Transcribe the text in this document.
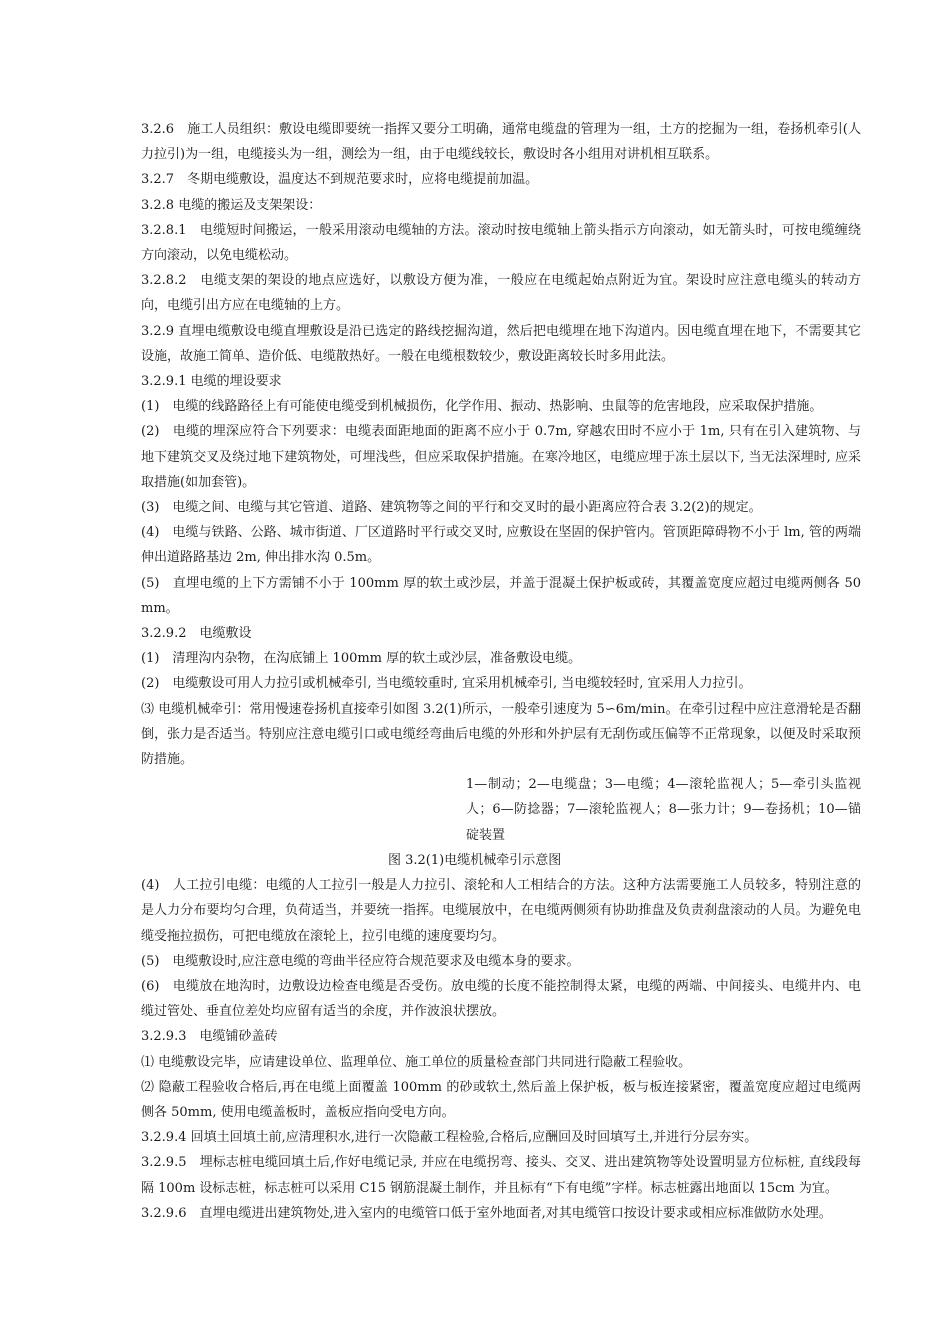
3.2.6　施工人员组织：敷设电缆即要统一指挥又要分工明确，通常电缆盘的管理为一组，土方的挖掘为一组，卷扬机牵引(人力拉引)为一组，电缆接头为一组，测绘为一组，由于电缆线较长，敷设时各小组用对讲机相互联系。

3.2.7　冬期电缆敷设，温度达不到规范要求时，应将电缆提前加温。

3.2.8 电缆的搬运及支架架设：

3.2.8.1　电缆短时间搬运，一般采用滚动电缆轴的方法。滚动时按电缆轴上箭头指示方向滚动，如无箭头时，可按电缆缠绕方向滚动，以免电缆松动。

3.2.8.2　电缆支架的架设的地点应选好，以敷设方便为准，一般应在电缆起始点附近为宜。架设时应注意电缆头的转动方向，电缆引出方应在电缆轴的上方。

3.2.9 直埋电缆敷设电缆直埋敷设是沿已选定的路线挖掘沟道，然后把电缆埋在地下沟道内。因电缆直埋在地下，不需要其它设施，故施工简单、造价低、电缆散热好。一般在电缆根数较少，敷设距离较长时多用此法。

3.2.9.1 电缆的埋设要求

(1)　电缆的线路路径上有可能使电缆受到机械损伤，化学作用、振动、热影响、虫鼠等的危害地段，应采取保护措施。

(2)　电缆的埋深应符合下列要求：电缆表面距地面的距离不应小于 0.7m, 穿越农田时不应小于 1m, 只有在引入建筑物、与地下建筑交叉及绕过地下建筑物处，可埋浅些，但应采取保护措施。在寒冷地区，电缆应埋于冻土层以下, 当无法深埋时, 应采取措施(如加套管)。

(3)　电缆之间、电缆与其它管道、道路、建筑物等之间的平行和交叉时的最小距离应符合表 3.2(2)的规定。

(4)　电缆与铁路、公路、城市街道、厂区道路时平行或交叉时, 应敷设在坚固的保护管内。管顶距障碍物不小于 lm, 管的两端伸出道路路基边 2m, 伸出排水沟 0.5m。

(5)　直埋电缆的上下方需铺不小于 100mm 厚的软土或沙层，并盖于混凝土保护板或砖，其覆盖宽度应超过电缆两侧各 50mm。

3.2.9.2　电缆敷设

(1)　清理沟内杂物，在沟底铺上 100mm 厚的软土或沙层，准备敷设电缆。

(2)　电缆敷设可用人力拉引或机械牵引, 当电缆较重时, 宜采用机械牵引, 当电缆较轻时, 宜采用人力拉引。

⑶ 电缆机械牵引：常用慢速卷扬机直接牵引如图 3.2(1)所示，一般牵引速度为 5∽6m/min。在牵引过程中应注意滑轮是否翻倒，张力是否适当。特别应注意电缆引口或电缆经弯曲后电缆的外形和外护层有无刮伤或压偏等不正常现象，以便及时采取预防措施。

1—制动；2—电缆盘；3—电缆；4—滚轮监视人；5—牵引头监视人；6—防捻器；7—滚轮监视人；8—张力计；9—卷扬机；10—锚碇装置
图 3.2(1)电缆机械牵引示意图

(4)　人工拉引电缆：电缆的人工拉引一般是人力拉引、滚轮和人工相结合的方法。这种方法需要施工人员较多，特别注意的是人力分布要均匀合理，负荷适当，并要统一指挥。电缆展放中，在电缆两侧须有协助推盘及负责刹盘滚动的人员。为避免电缆受拖拉损伤，可把电缆放在滚轮上，拉引电缆的速度要均匀。

(5)　电缆敷设时,应注意电缆的弯曲半径应符合规范要求及电缆本身的要求。

(6)　电缆放在地沟时，边敷设边检查电缆是否受伤。放电缆的长度不能控制得太紧，电缆的两端、中间接头、电缆井内、电缆过管处、垂直位差处均应留有适当的余度，并作波浪状摆放。

3.2.9.3　电缆铺砂盖砖

⑴ 电缆敷设完毕，应请建设单位、监理单位、施工单位的质量检查部门共同进行隐蔽工程验收。

⑵ 隐蔽工程验收合格后,再在电缆上面覆盖 100mm 的砂或软土,然后盖上保护板，板与板连接紧密，覆盖宽度应超过电缆两侧各 50mm, 使用电缆盖板时，盖板应指向受电方向。

3.2.9.4 回填土回填土前,应清理积水,进行一次隐蔽工程检验,合格后,应酬回及时回填写土,并进行分层夯实。

3.2.9.5　埋标志桩电缆回填土后,作好电缆记录, 并应在电缆拐弯、接头、交叉、进出建筑物等处设置明显方位标桩, 直线段每隔 100m 设标志桩，标志桩可以采用 C15 钢筋混凝土制作，并且标有“下有电缆”字样。标志桩露出地面以 15cm 为宜。

3.2.9.6　直埋电缆进出建筑物处,进入室内的电缆管口低于室外地面者,对其电缆管口按设计要求或相应标准做防水处理。
